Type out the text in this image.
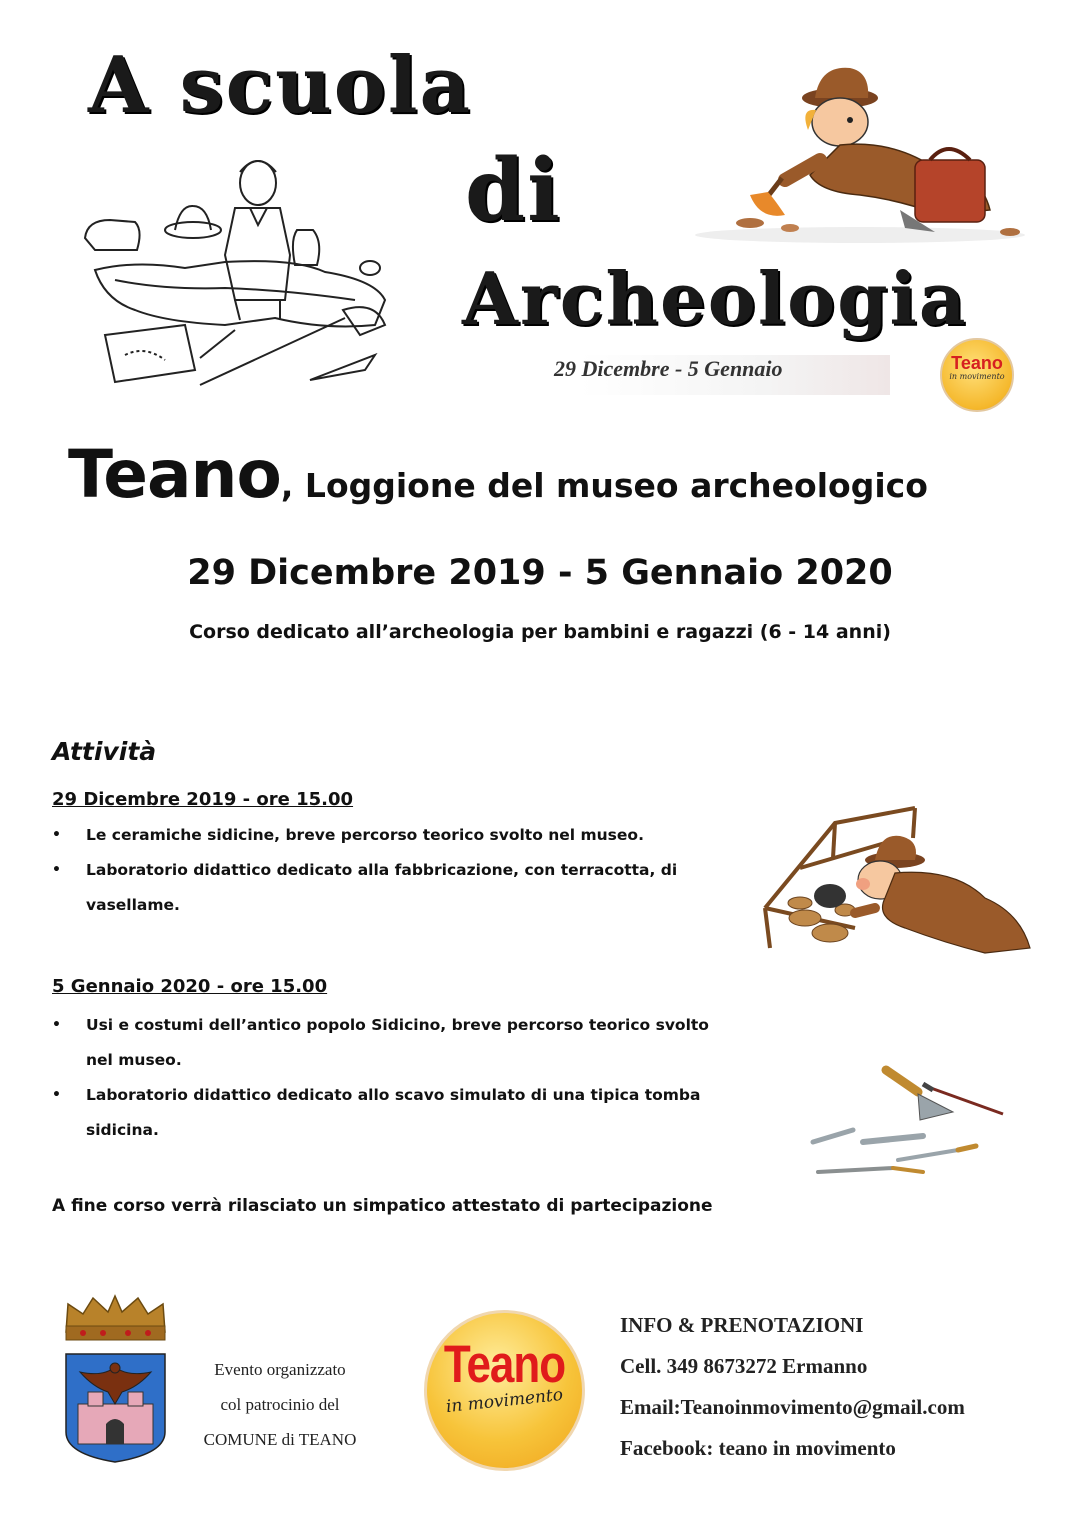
A scuola
di
Archeologia
29 Dicembre - 5 Gennaio	Teano
in movimento
Teano, Loggione del museo archeologico
29 Dicembre 2019 - 5 Gennaio 2020
Corso dedicato all’archeologia per bambini e ragazzi (6 - 14 anni)
Attività
29 Dicembre 2019 - ore 15.00
• Le ceramiche sidicine, breve percorso teorico svolto nel museo.
• Laboratorio didattico dedicato alla fabbricazione, con terracotta, di vasellame.
5 Gennaio 2020 - ore 15.00
• Usi e costumi dell’antico popolo Sidicino, breve percorso teorico svolto nel museo.
• Laboratorio didattico dedicato allo scavo simulato di una tipica tomba sidicina.
A fine corso verrà rilasciato un simpatico attestato di partecipazione
Evento organizzato
col patrocinio del
COMUNE di TEANO
Teano
in movimento
INFO & PRENOTAZIONI
Cell. 349 8673272 Ermanno
Email:Teanoinmovimento@gmail.com
Facebook: teano in movimento
